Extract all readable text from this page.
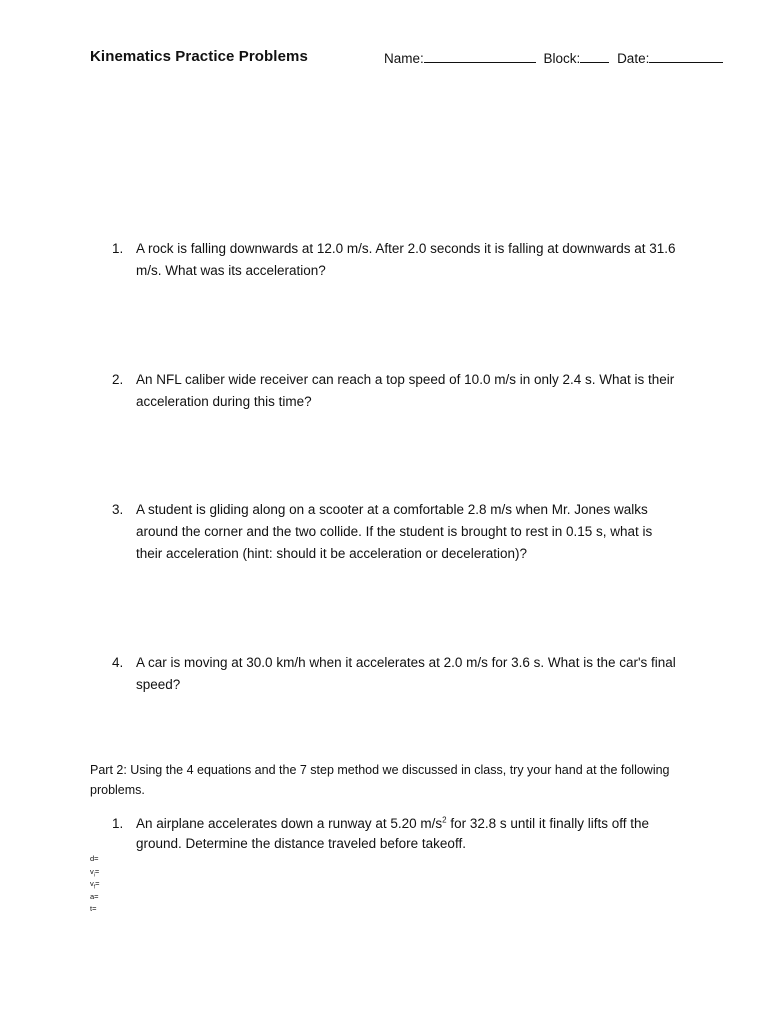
Kinematics Practice Problems	Name:	Block:	Date:
1. A rock is falling downwards at 12.0 m/s. After 2.0 seconds it is falling at downwards at 31.6 m/s. What was its acceleration?
2. An NFL caliber wide receiver can reach a top speed of 10.0 m/s in only 2.4 s. What is their acceleration during this time?
3. A student is gliding along on a scooter at a comfortable 2.8 m/s when Mr. Jones walks around the corner and the two collide. If the student is brought to rest in 0.15 s, what is their acceleration (hint: should it be acceleration or deceleration)?
4. A car is moving at 30.0 km/h when it accelerates at 2.0 m/s for 3.6 s. What is the car's final speed?
Part 2: Using the 4 equations and the 7 step method we discussed in class, try your hand at the following problems.
1. An airplane accelerates down a runway at 5.20 $m/s^2$ for 32.8 s until it finally lifts off the ground. Determine the distance traveled before takeoff.
d=
$v_i=$
$v_f=$
a=
t=
